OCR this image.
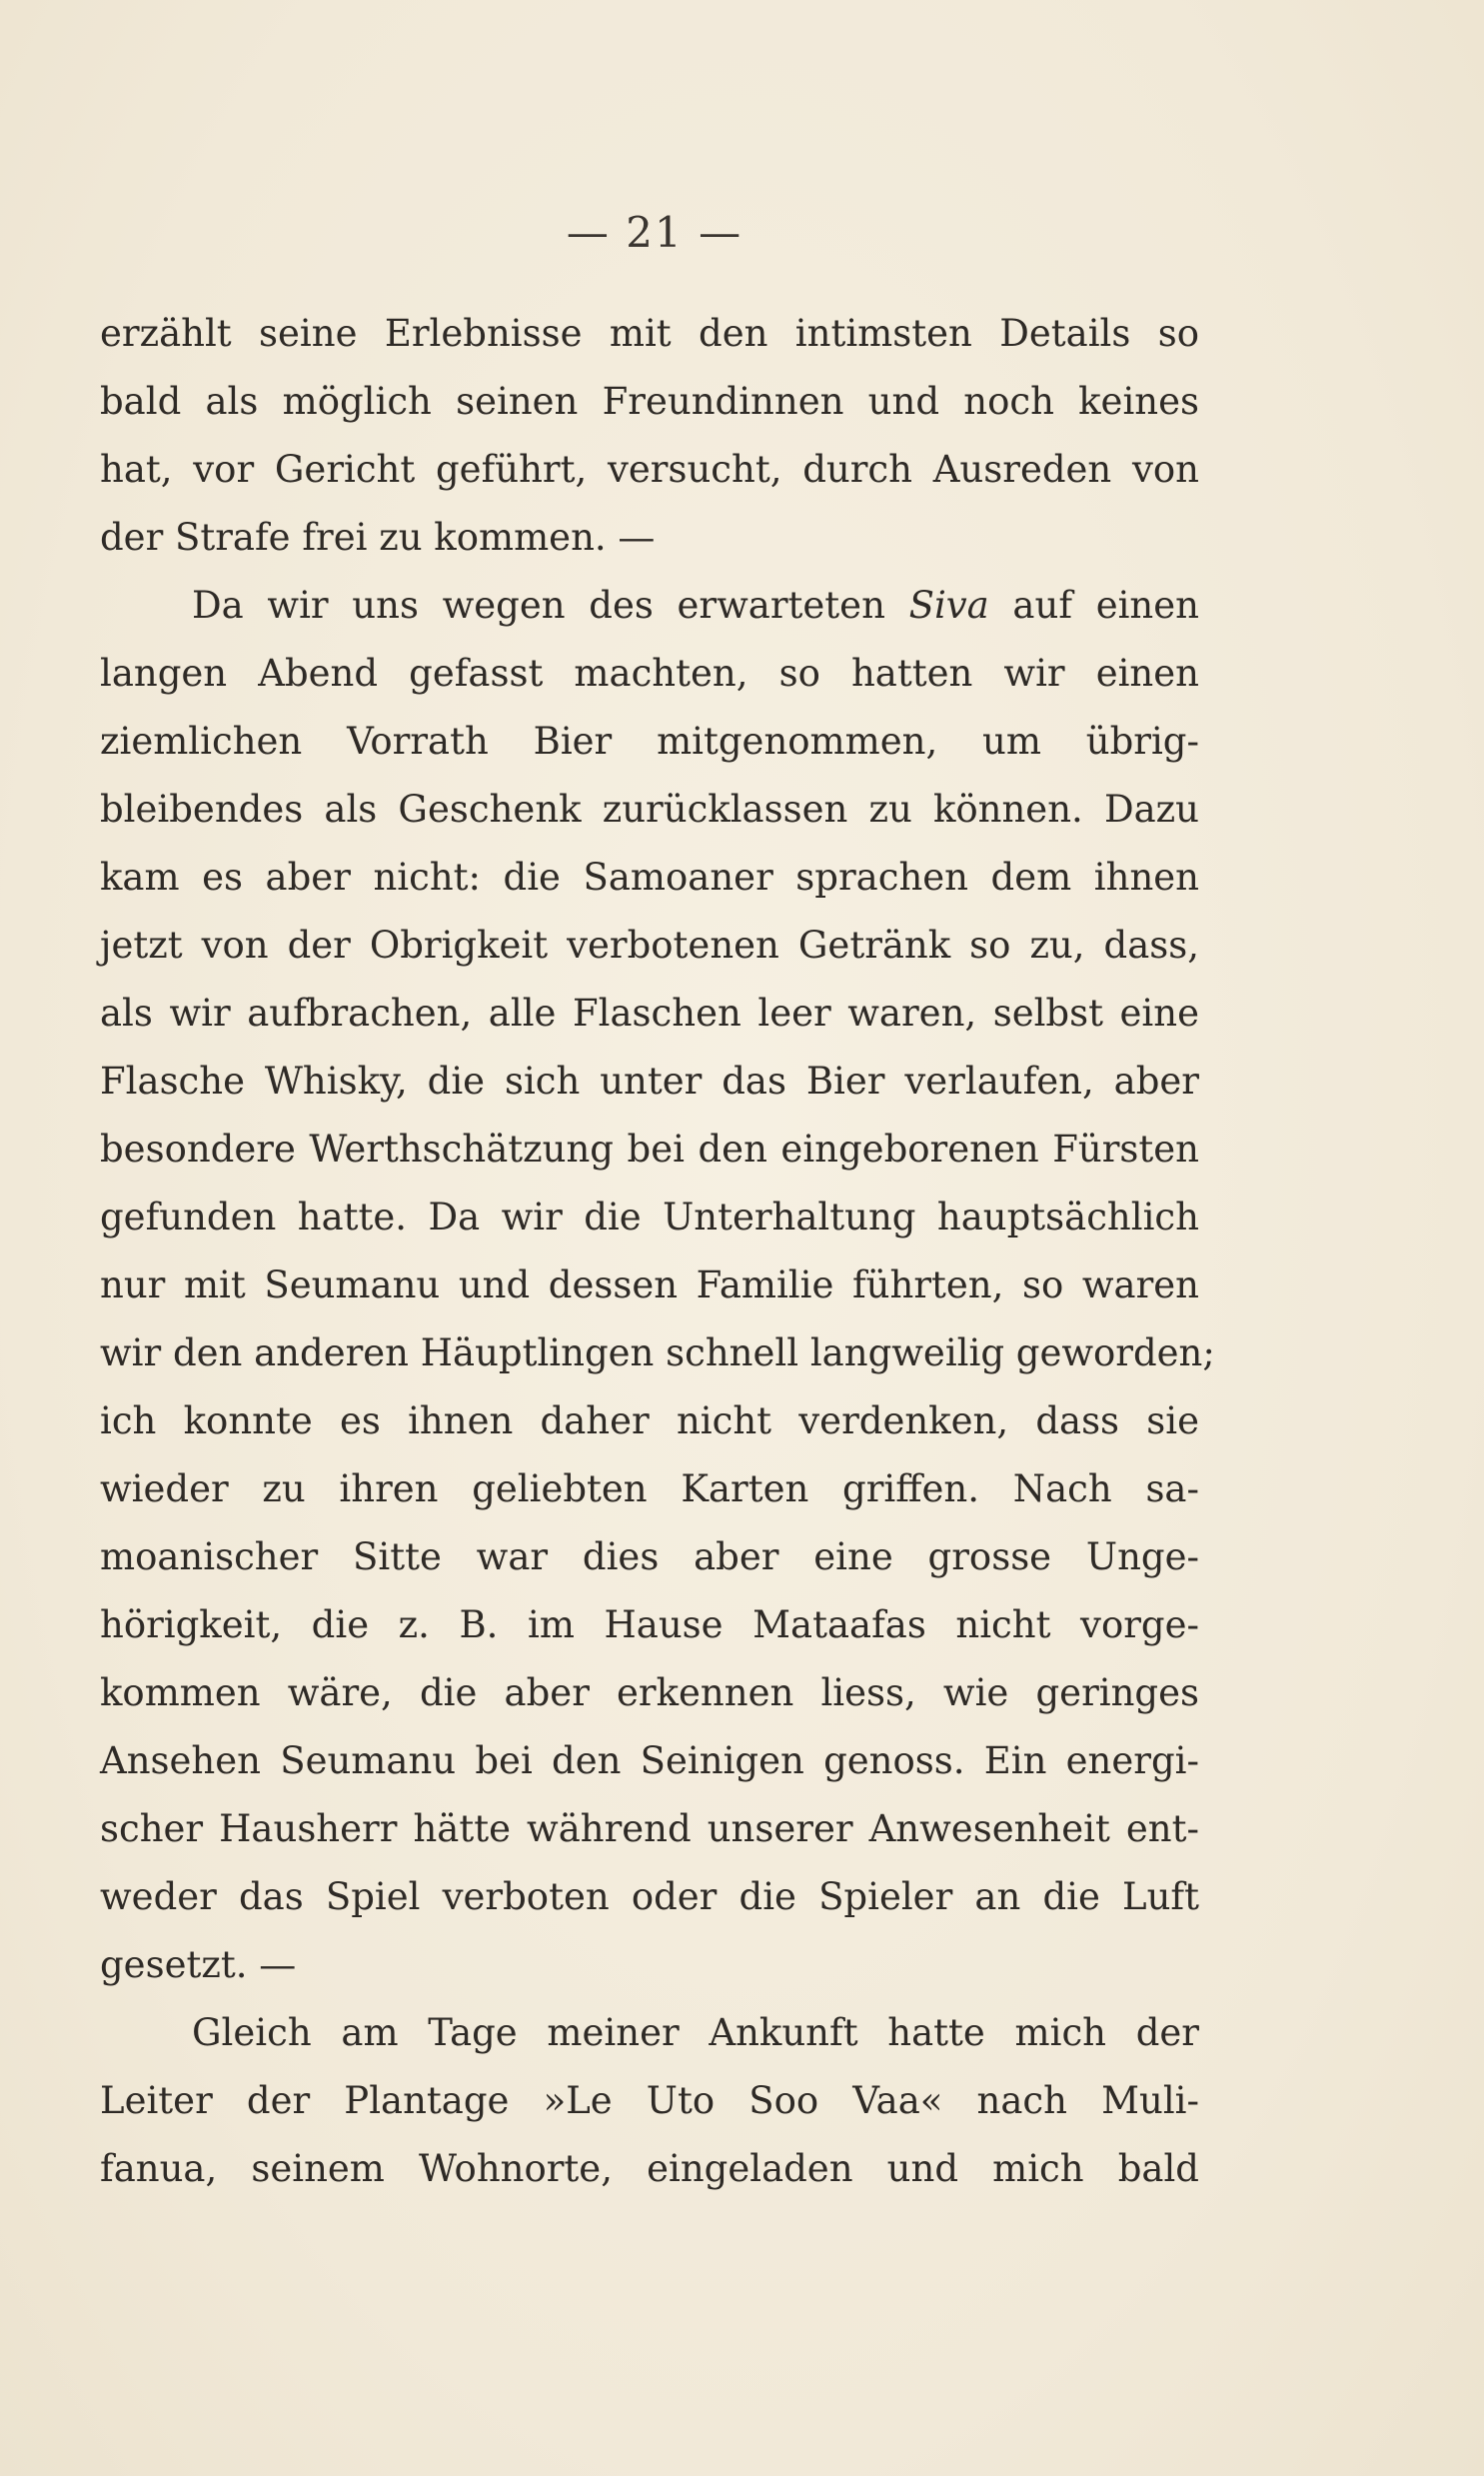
— 21 —
erzählt seine Erlebnisse mit den intimsten Details so
bald als möglich seinen Freundinnen und noch keines
hat, vor Gericht geführt, versucht, durch Ausreden von
der Strafe frei zu kommen. —
Da wir uns wegen des erwarteten Siva auf einen
langen Abend gefasst machten, so hatten wir einen
ziemlichen Vorrath Bier mitgenommen, um übrig-
bleibendes als Geschenk zurücklassen zu können. Dazu
kam es aber nicht: die Samoaner sprachen dem ihnen
jetzt von der Obrigkeit verbotenen Getränk so zu, dass,
als wir aufbrachen, alle Flaschen leer waren, selbst eine
Flasche Whisky, die sich unter das Bier verlaufen, aber
besondere Werthschätzung bei den eingeborenen Fürsten
gefunden hatte. Da wir die Unterhaltung hauptsächlich
nur mit Seumanu und dessen Familie führten, so waren
wir den anderen Häuptlingen schnell langweilig geworden;
ich konnte es ihnen daher nicht verdenken, dass sie
wieder zu ihren geliebten Karten griffen. Nach sa-
moanischer Sitte war dies aber eine grosse Unge-
hörigkeit, die z. B. im Hause Mataafas nicht vorge-
kommen wäre, die aber erkennen liess, wie geringes
Ansehen Seumanu bei den Seinigen genoss. Ein energi-
scher Hausherr hätte während unserer Anwesenheit ent-
weder das Spiel verboten oder die Spieler an die Luft
gesetzt. —
Gleich am Tage meiner Ankunft hatte mich der
Leiter der Plantage »Le Uto Soo Vaa« nach Muli-
fanua, seinem Wohnorte, eingeladen und mich bald
